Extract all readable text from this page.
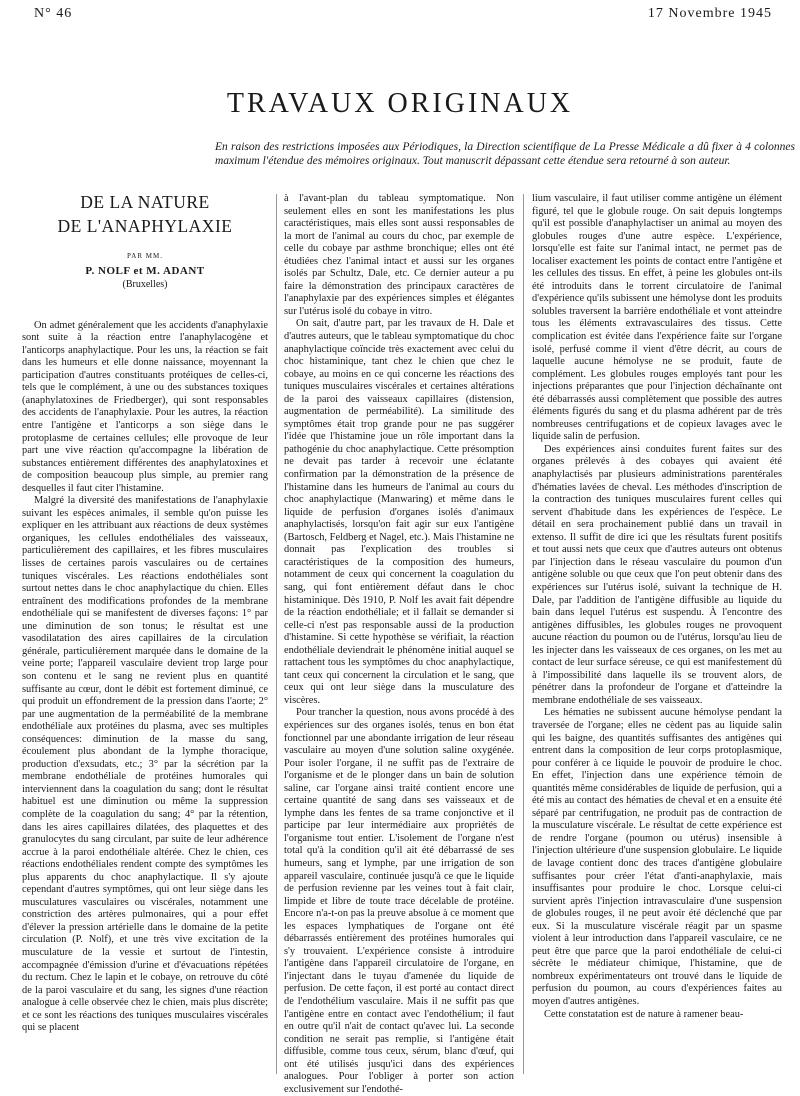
N° 46	17 Novembre 1945
TRAVAUX ORIGINAUX
En raison des restrictions imposées aux Périodiques, la Direction scientifique de La Presse Médicale a dû fixer à 4 colonnes maximum l'étendue des mémoires originaux. Tout manuscrit dépassant cette étendue sera retourné à son auteur.
DE LA NATURE
DE L'ANAPHYLAXIE
PAR MM.
P. NOLF et M. ADANT
(Bruxelles)

On admet généralement que les accidents d'anaphylaxie sont suite à la réaction entre l'anaphylacogène et l'anticorps anaphylactique. Pour les uns, la réaction se fait dans les humeurs et elle donne naissance, moyennant la participation d'autres constituants protéiques de celles-ci, tels que le complément, à une ou des substances toxiques (anaphylatoxines de Friedberger), qui sont responsables des accidents de l'anaphylaxie. Pour les autres, la réaction entre l'antigène et l'anticorps a son siège dans le protoplasme de certaines cellules; elle provoque de leur part une vive réaction qu'accompagne la libération de substances entièrement différentes des anaphylatoxines et de composition beaucoup plus simple, au premier rang desquelles il faut citer l'histamine.

Malgré la diversité des manifestations de l'anaphylaxie suivant les espèces animales, il semble qu'on puisse les expliquer en les attribuant aux réactions de deux systèmes organiques, les cellules endothéliales des vaisseaux, particulièrement des capillaires, et les fibres musculaires lisses de certaines parois vasculaires ou de certaines tuniques viscérales. Les réactions endothéliales sont surtout nettes dans le choc anaphylactique du chien. Elles entraînent des modifications profondes de la membrane endothéliale qui se manifestent de diverses façons: 1° par une diminution de son tonus; le résultat est une vasodilatation des aires capillaires de la circulation générale, particulièrement marquée dans le domaine de la veine porte; l'appareil vasculaire devient trop large pour son contenu et le sang ne revient plus en quantité suffisante au cœur, dont le débit est fortement diminué, ce qui produit un effondrement de la pression dans l'aorte; 2° par une augmentation de la perméabilité de la membrane endothéliale aux protéines du plasma, avec ses multiples conséquences: diminution de la masse du sang, écoulement plus abondant de la lymphe thoracique, production d'exsudats, etc.; 3° par la sécrétion par la membrane endothéliale de protéines humorales qui interviennent dans la coagulation du sang; dont le résultat habituel est une diminution ou même la suppression complète de la coagulation du sang; 4° par la rétention, dans les aires capillaires dilatées, des plaquettes et des granulocytes du sang circulant, par suite de leur adhérence accrue à la paroi endothéliale altérée. Chez le chien, ces réactions endothéliales rendent compte des symptômes les plus apparents du choc anaphylactique. Il s'y ajoute cependant d'autres symptômes, qui ont leur siège dans les musculatures vasculaires ou viscérales, notamment une constriction des artères pulmonaires, qui a pour effet d'élever la pression artérielle dans le domaine de la petite circulation (P. Nolf), et une très vive excitation de la musculature de la vessie et surtout de l'intestin, accompagnée d'émission d'urine et d'évacuations répétées du rectum. Chez le lapin et le cobaye, on retrouve du côté de la paroi vasculaire et du sang, les signes d'une réaction analogue à celle observée chez le chien, mais plus discrète; et ce sont les réactions des tuniques musculaires viscérales qui se placent

à l'avant-plan du tableau symptomatique. Non seulement elles en sont les manifestations les plus caractéristiques, mais elles sont aussi responsables de la mort de l'animal au cours du choc, par exemple de celle du cobaye par asthme bronchique; elles ont été étudiées chez l'animal intact et aussi sur les organes isolés par Schultz, Dale, etc. Ce dernier auteur a pu faire la démonstration des principaux caractères de l'anaphylaxie par des expériences simples et élégantes sur l'utérus isolé du cobaye in vitro.

On sait, d'autre part, par les travaux de H. Dale et d'autres auteurs, que le tableau symptomatique du choc anaphylactique coïncide très exactement avec celui du choc histaminique, tant chez le chien que chez le cobaye, au moins en ce qui concerne les réactions des tuniques musculaires viscérales et certaines altérations de la paroi des vaisseaux capillaires (distension, augmentation de perméabilité). La similitude des symptômes était trop grande pour ne pas suggérer l'idée que l'histamine joue un rôle important dans la pathogénie du choc anaphylactique. Cette présomption ne devait pas tarder à recevoir une éclatante confirmation par la démonstration de la présence de l'histamine dans les humeurs de l'animal au cours du choc anaphylactique (Manwaring) et même dans le liquide de perfusion d'organes isolés d'animaux anaphylactisés, lorsqu'on fait agir sur eux l'antigène (Bartosch, Feldberg et Nagel, etc.). Mais l'histamine ne donnait pas l'explication des troubles si caractéristiques de la composition des humeurs, notamment de ceux qui concernent la coagulation du sang, qui font entièrement défaut dans le choc histaminique. Dès 1910, P. Nolf les avait fait dépendre de la réaction endothéliale; et il fallait se demander si celle-ci n'est pas responsable aussi de la production d'histamine. Si cette hypothèse se vérifiait, la réaction endothéliale deviendrait le phénomène initial auquel se rattachent tous les symptômes du choc anaphylactique, tant ceux qui concernent la circulation et le sang, que ceux qui ont leur siège dans la musculature des viscères.

Pour trancher la question, nous avons procédé à des expériences sur des organes isolés, tenus en bon état fonctionnel par une abondante irrigation de leur réseau vasculaire au moyen d'une solution saline oxygénée. Pour isoler l'organe, il ne suffit pas de l'extraire de l'organisme et de le plonger dans un bain de solution saline, car l'organe ainsi traité contient encore une certaine quantité de sang dans ses vaisseaux et de lymphe dans les fentes de sa trame conjonctive et il participe par leur intermédiaire aux propriétés de l'organisme tout entier. L'isolement de l'organe n'est total qu'à la condition qu'il ait été débarrassé de ses humeurs, sang et lymphe, par une irrigation de son appareil vasculaire, continuée jusqu'à ce que le liquide de perfusion revienne par les veines tout à fait clair, limpide et libre de toute trace décelable de protéine. Encore n'a-t-on pas la preuve absolue à ce moment que les espaces lymphatiques de l'organe ont été débarrassés entièrement des protéines humorales qui s'y trouvaient. L'expérience consiste à introduire l'antigène dans l'appareil circulatoire de l'organe, en l'injectant dans le tuyau d'amenée du liquide de perfusion. De cette façon, il est porté au contact direct de l'endothélium vasculaire. Mais il ne suffit pas que l'antigène entre en contact avec l'endothélium; il faut en outre qu'il n'ait de contact qu'avec lui. La seconde condition ne serait pas remplie, si l'antigène était diffusible, comme tous ceux, sérum, blanc d'œuf, qui ont été utilisés jusqu'ici dans des expériences analogues. Pour l'obliger à porter son action exclusivement sur l'endothé-

lium vasculaire, il faut utiliser comme antigène un élément figuré, tel que le globule rouge. On sait depuis longtemps qu'il est possible d'anaphylactiser un animal au moyen des globules rouges d'une autre espèce. L'expérience, lorsqu'elle est faite sur l'animal intact, ne permet pas de localiser exactement les points de contact entre l'antigène et les cellules des tissus. En effet, à peine les globules ont-ils été introduits dans le torrent circulatoire de l'animal d'expérience qu'ils subissent une hémolyse dont les produits solubles traversent la barrière endothéliale et vont atteindre tous les éléments extravasculaires des tissus. Cette complication est évitée dans l'expérience faite sur l'organe isolé, perfusé comme il vient d'être décrit, au cours de laquelle aucune hémolyse ne se produit, faute de complément. Les globules rouges employés tant pour les injections préparantes que pour l'injection déchaînante ont été débarrassés aussi complètement que possible des autres éléments figurés du sang et du plasma adhérent par de très nombreuses centrifugations et de copieux lavages avec le liquide salin de perfusion.

Des expériences ainsi conduites furent faites sur des organes prélevés à des cobayes qui avaient été anaphylactisés par plusieurs administrations parentérales d'hématies lavées de cheval. Les méthodes d'inscription de la contraction des tuniques musculaires furent celles qui servent d'habitude dans les expériences de l'espèce. Le détail en sera prochainement publié dans un travail in extenso. Il suffit de dire ici que les résultats furent positifs et tout aussi nets que ceux que d'autres auteurs ont obtenus par l'injection dans le réseau vasculaire du poumon d'un antigène soluble ou que ceux que l'on peut obtenir dans des expériences sur l'utérus isolé, suivant la technique de H. Dale, par l'addition de l'antigène diffusible au liquide du bain dans lequel l'utérus est suspendu. À l'encontre des antigènes diffusibles, les globules rouges ne provoquent aucune réaction du poumon ou de l'utérus, lorsqu'au lieu de les injecter dans les vaisseaux de ces organes, on les met au contact de leur surface séreuse, ce qui est manifestement dû à l'impossibilité dans laquelle ils se trouvent alors, de pénétrer dans la profondeur de l'organe et d'atteindre la membrane endothéliale de ses vaisseaux.

Les hématies ne subissent aucune hémolyse pendant la traversée de l'organe; elles ne cèdent pas au liquide salin qui les baigne, des quantités suffisantes des antigènes qui entrent dans la composition de leur corps protoplasmique, pour conférer à ce liquide le pouvoir de produire le choc. En effet, l'injection dans une expérience témoin de quantités même considérables de liquide de perfusion, qui a été mis au contact des hématies de cheval et en a ensuite été séparé par centrifugation, ne produit pas de contraction de la musculature viscérale. Le résultat de cette expérience est de rendre l'organe (poumon ou utérus) insensible à l'injection ultérieure d'une suspension globulaire. Le liquide de lavage contient donc des traces d'antigène globulaire suffisantes pour créer l'état d'anti-anaphylaxie, mais insuffisantes pour produire le choc. Lorsque celui-ci survient après l'injection intravasculaire d'une suspension de globules rouges, il ne peut avoir été déclenché que par eux. Si la musculature viscérale réagit par un spasme violent à leur introduction dans l'appareil vasculaire, ce ne peut être que parce que la paroi endothéliale de celui-ci sécrète le médiateur chimique, l'histamine, que de nombreux expérimentateurs ont trouvé dans le liquide de perfusion du poumon, au cours d'expériences faites au moyen d'autres antigènes.

Cette constatation est de nature à ramener beau-
